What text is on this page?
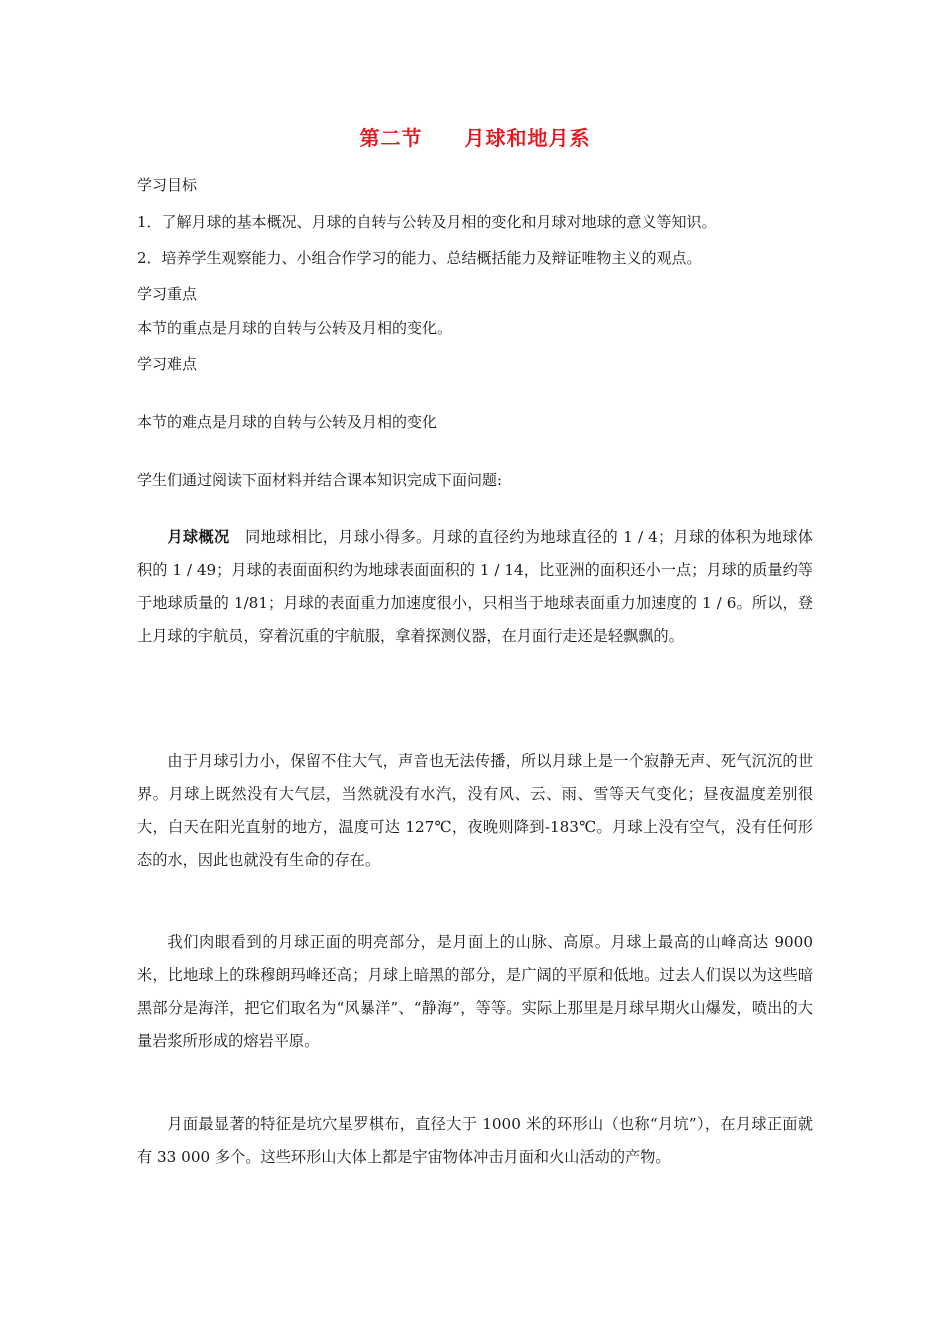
第二节　　月球和地月系
学习目标
1．了解月球的基本概况、月球的自转与公转及月相的变化和月球对地球的意义等知识。
2．培养学生观察能力、小组合作学习的能力、总结概括能力及辩证唯物主义的观点。
学习重点
本节的重点是月球的自转与公转及月相的变化。
学习难点
本节的难点是月球的自转与公转及月相的变化
学生们通过阅读下面材料并结合课本知识完成下面问题:

月球概况　同地球相比，月球小得多。月球的直径约为地球直径的 1 / 4；月球的体积为地球体积的 1 / 49；月球的表面面积约为地球表面面积的 1 / 14，比亚洲的面积还小一点；月球的质量约等于地球质量的 1/81；月球的表面重力加速度很小，只相当于地球表面重力加速度的 1 / 6。所以，登上月球的宇航员，穿着沉重的宇航服，拿着探测仪器，在月面行走还是轻飘飘的。

由于月球引力小，保留不住大气，声音也无法传播，所以月球上是一个寂静无声、死气沉沉的世界。月球上既然没有大气层，当然就没有水汽，没有风、云、雨、雪等天气变化；昼夜温度差别很大，白天在阳光直射的地方，温度可达 127℃，夜晚则降到-183℃。月球上没有空气，没有任何形态的水，因此也就没有生命的存在。

我们肉眼看到的月球正面的明亮部分，是月面上的山脉、高原。月球上最高的山峰高达 9000 米，比地球上的珠穆朗玛峰还高；月球上暗黑的部分，是广阔的平原和低地。过去人们误以为这些暗黑部分是海洋，把它们取名为“风暴洋”、“静海”，等等。实际上那里是月球早期火山爆发，喷出的大量岩浆所形成的熔岩平原。

月面最显著的特征是坑穴星罗棋布，直径大于 1000 米的环形山（也称“月坑”），在月球正面就有 33 000 多个。这些环形山大体上都是宇宙物体冲击月面和火山活动的产物。
